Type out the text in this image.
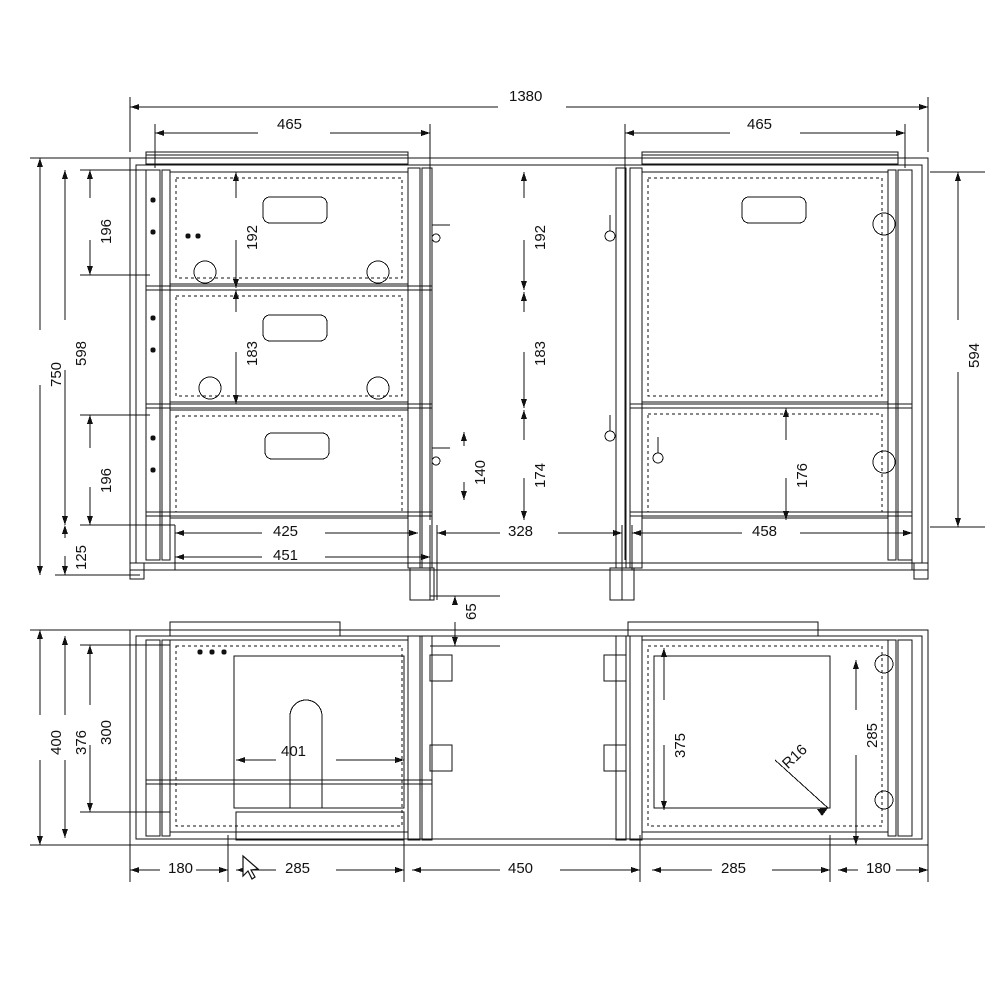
1380
465	465
196
598
750
196
125
192
183
192
183
174
140	176
594
425
451
328	458
65
400 376 300
401	375	285
R16
180	285	450	285	180
